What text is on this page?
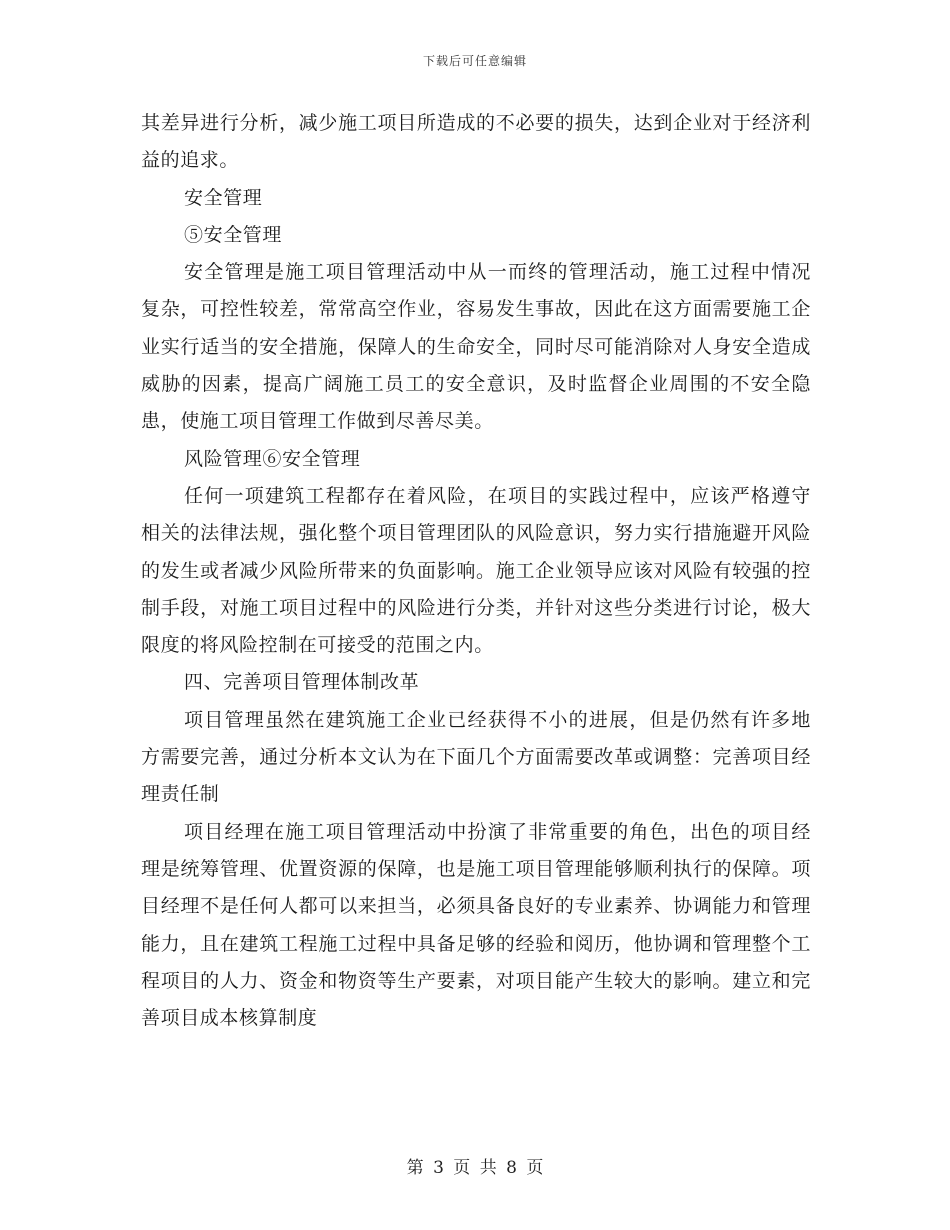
下载后可任意编辑

其差异进行分析，减少施工项目所造成的不必要的损失，达到企业对于经济利益的追求。

安全管理

⑤安全管理

安全管理是施工项目管理活动中从一而终的管理活动，施工过程中情况复杂，可控性较差，常常高空作业，容易发生事故，因此在这方面需要施工企业实行适当的安全措施，保障人的生命安全，同时尽可能消除对人身安全造成威胁的因素，提高广阔施工员工的安全意识，及时监督企业周围的不安全隐患，使施工项目管理工作做到尽善尽美。

风险管理⑥安全管理

任何一项建筑工程都存在着风险，在项目的实践过程中，应该严格遵守相关的法律法规，强化整个项目管理团队的风险意识，努力实行措施避开风险的发生或者减少风险所带来的负面影响。施工企业领导应该对风险有较强的控制手段，对施工项目过程中的风险进行分类，并针对这些分类进行讨论，极大限度的将风险控制在可接受的范围之内。

四、完善项目管理体制改革

项目管理虽然在建筑施工企业已经获得不小的进展，但是仍然有许多地方需要完善，通过分析本文认为在下面几个方面需要改革或调整：完善项目经理责任制

项目经理在施工项目管理活动中扮演了非常重要的角色，出色的项目经理是统筹管理、优置资源的保障，也是施工项目管理能够顺利执行的保障。项目经理不是任何人都可以来担当，必须具备良好的专业素养、协调能力和管理能力，且在建筑工程施工过程中具备足够的经验和阅历，他协调和管理整个工程项目的人力、资金和物资等生产要素，对项目能产生较大的影响。建立和完善项目成本核算制度

第 3 页 共 8 页
